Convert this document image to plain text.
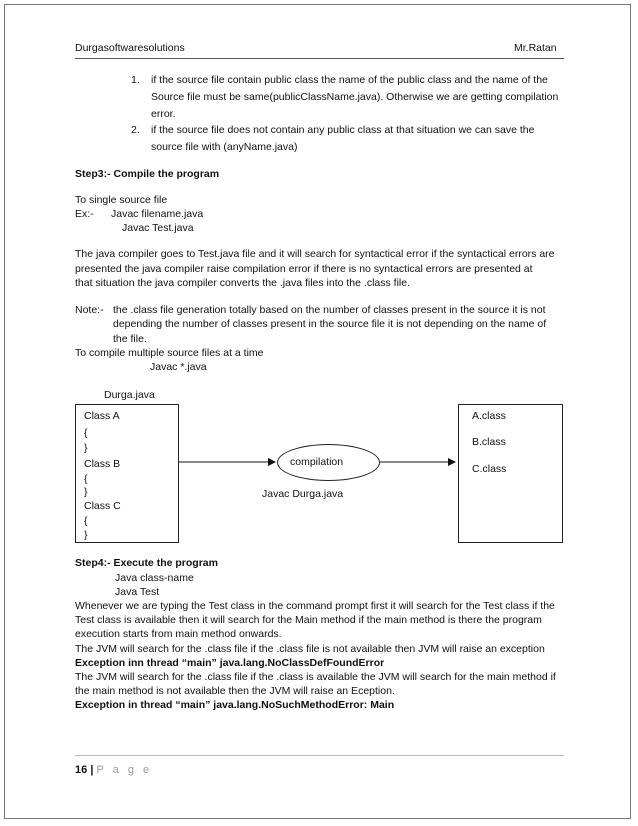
Durgasoftwaresolutions	Mr.Ratan
1. if the source file contain public class the name of the public class and the name of the
Source file must be same(publicClassName.java). Otherwise we are getting compilation
error.
2. if the source file does not contain any public class at that situation we can save the
source file with (anyName.java)
Step3:- Compile the program
To single source file
Ex:- Javac filename.java
Javac Test.java
The java compiler goes to Test.java file and it will search for syntactical error if the syntactical errors are
presented the java compiler raise compilation error if there is no syntactical errors are presented at
that situation the java compiler converts the .java files into the .class file.
Note:- the .class file generation totally based on the number of classes present in the source it is not
depending the number of classes present in the source file it is not depending on the name of
the file.
To compile multiple source files at a time
Javac *.java
Durga.java
Class A
{
}
Class B
{
}
Class C
{
}
compilation
Javac Durga.java
A.class
B.class
C.class
Step4:- Execute the program
Java class-name
Java Test
Whenever we are typing the Test class in the command prompt first it will search for the Test class if the
Test class is available then it will search for the Main method if the main method is there the program
execution starts from main method onwards.
The JVM will search for the .class file if the .class file is not available then JVM will raise an exception
Exception inn thread “main” java.lang.NoClassDefFoundError
The JVM will search for the .class file if the .class is available the JVM will search for the main method if
the main method is not available then the JVM will raise an Eception.
Exception in thread “main” java.lang.NoSuchMethodError: Main
16 | P a g e
